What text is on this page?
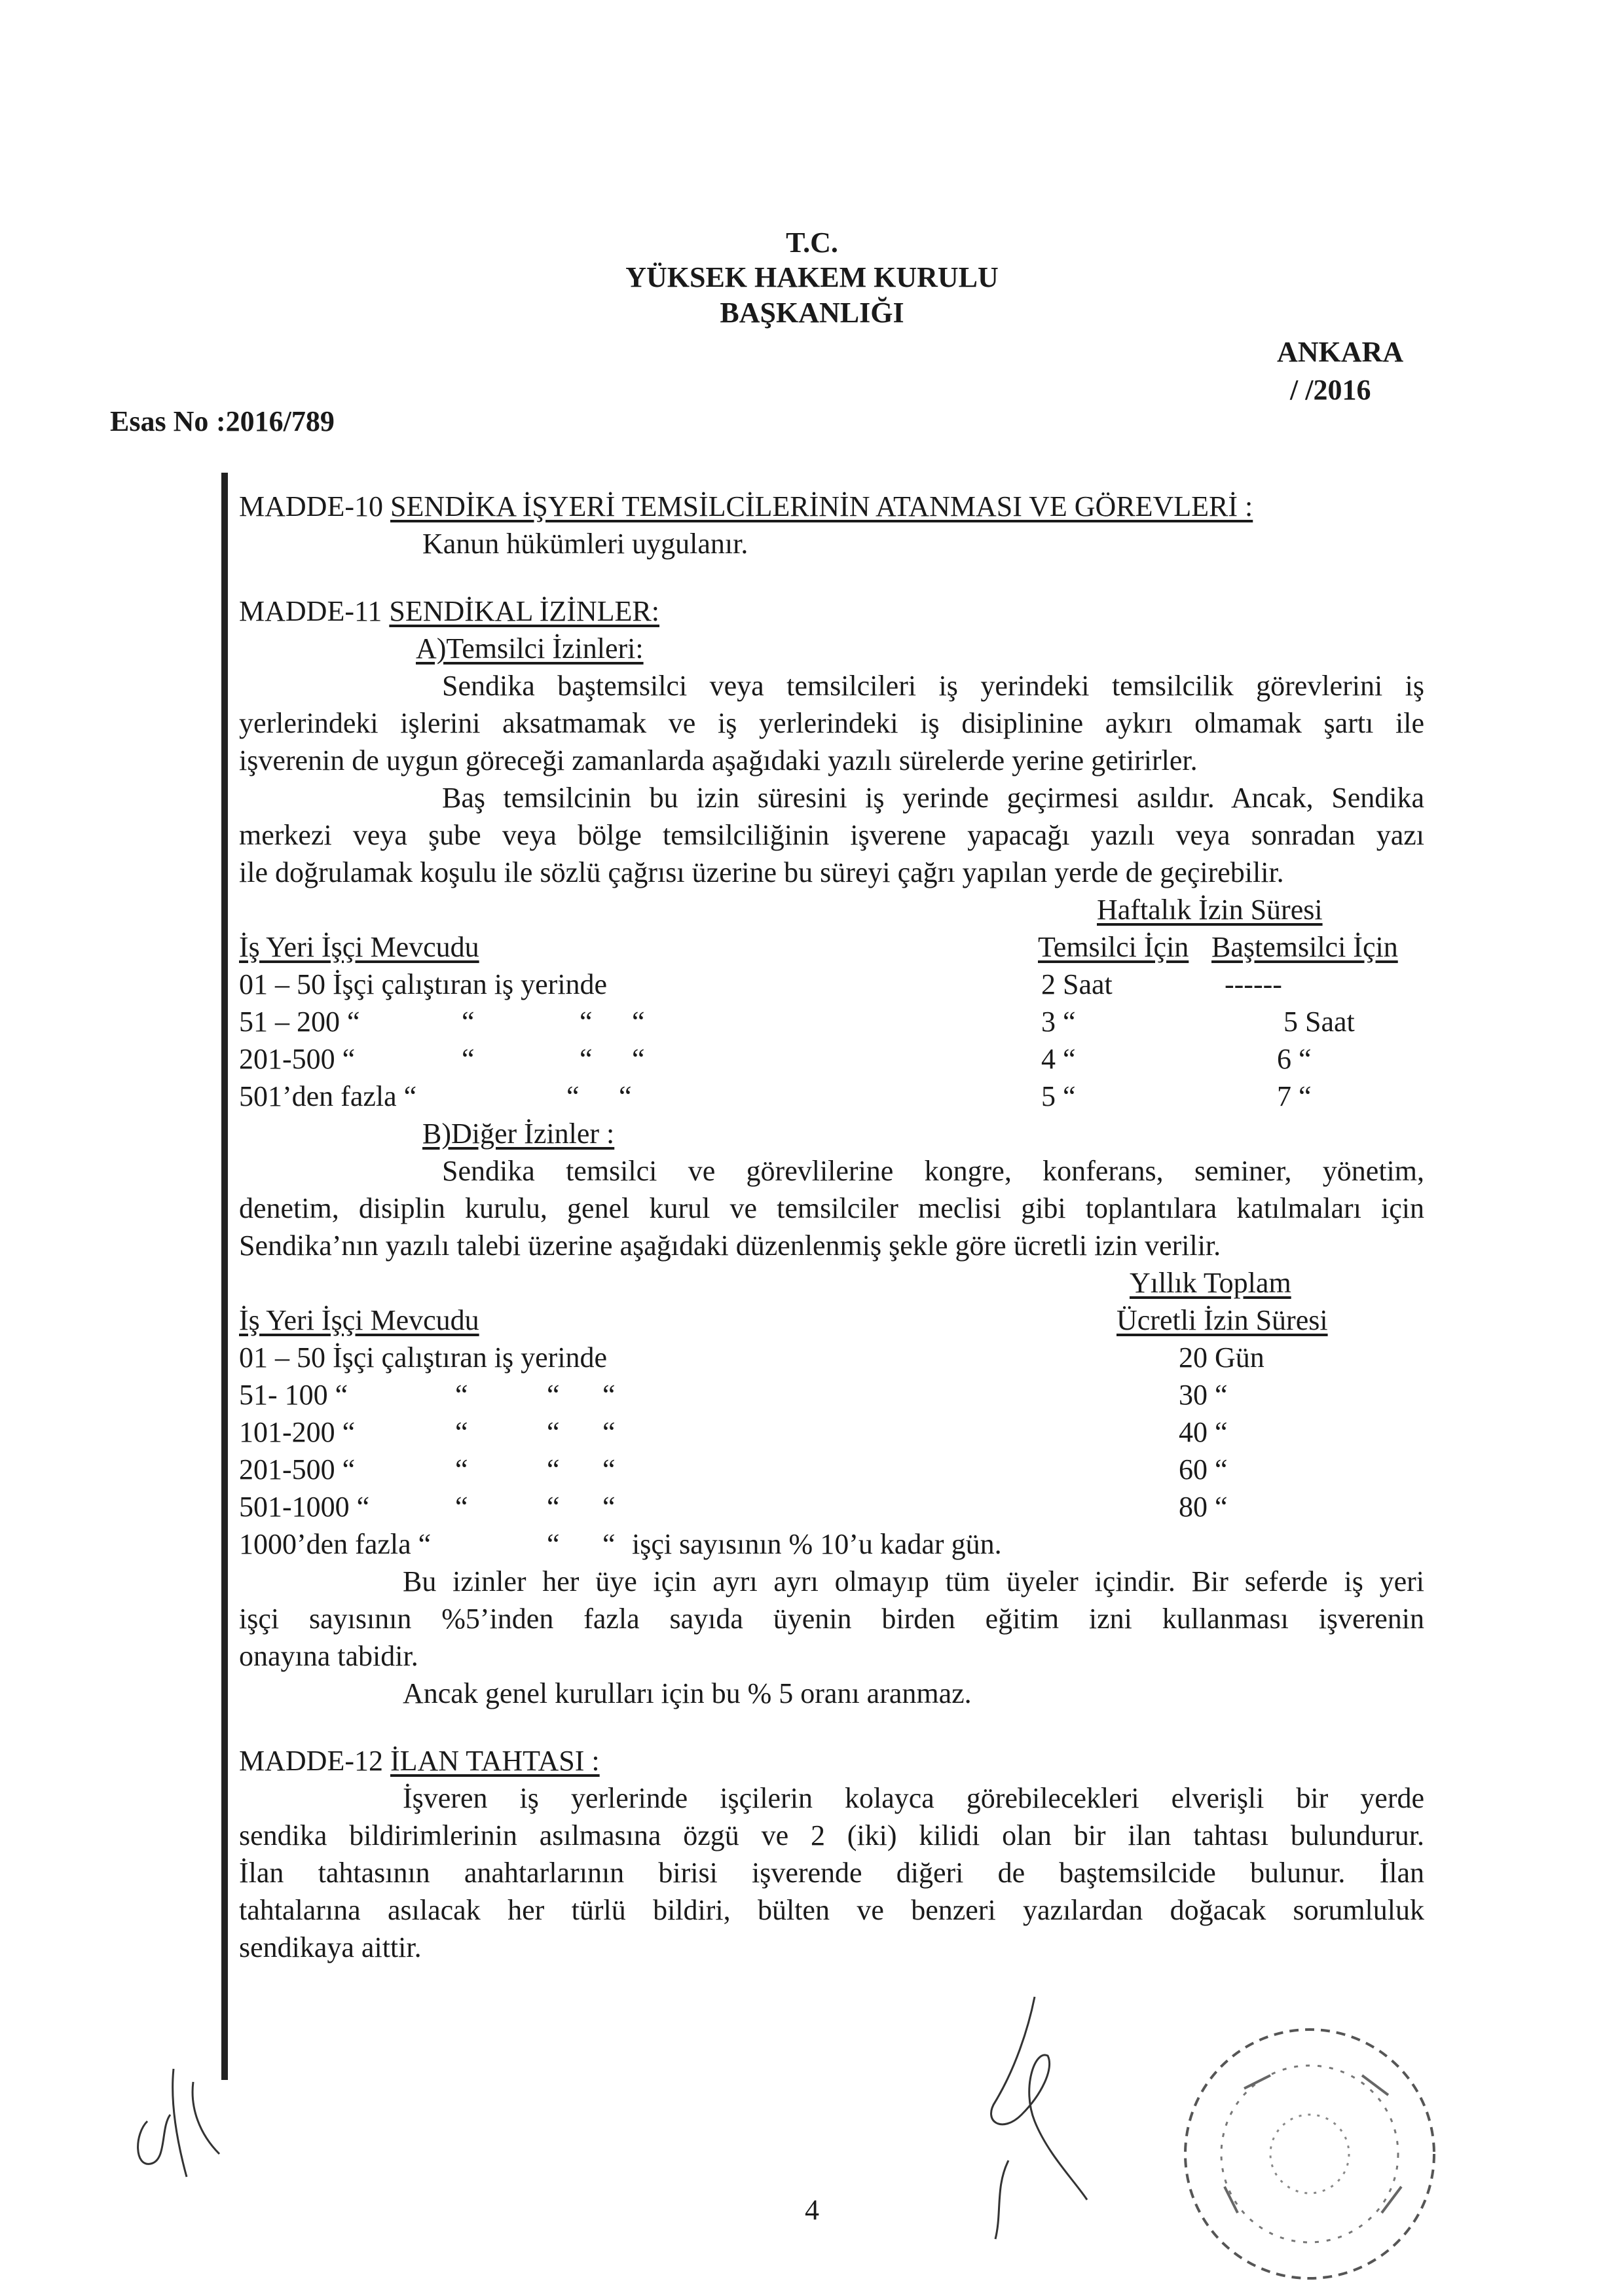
T.C.
YÜKSEK HAKEM KURULU
BAŞKANLIĞI
ANKARA
/ /2016
Esas No :2016/789
MADDE-10 SENDİKA İŞYERİ TEMSİLCİLERİNİN ATANMASI VE GÖREVLERİ :
Kanun hükümleri uygulanır.
MADDE-11 SENDİKAL İZİNLER:
A)Temsilci İzinleri:
Sendika baştemsilci veya temsilcileri iş yerindeki temsilcilik görevlerini iş
yerlerindeki işlerini aksatmamak ve iş yerlerindeki iş disiplinine aykırı olmamak şartı ile
işverenin de uygun göreceği zamanlarda aşağıdaki yazılı sürelerde yerine getirirler.
Baş temsilcinin bu izin süresini iş yerinde geçirmesi asıldır. Ancak, Sendika
merkezi veya şube veya bölge temsilciliğinin işverene yapacağı yazılı veya sonradan yazı
ile doğrulamak koşulu ile sözlü çağrısı üzerine bu süreyi çağrı yapılan yerde de geçirebilir.
Haftalık İzin Süresi
İş Yeri İşçi Mevcudu	Temsilci İçin Baştemsilci İçin
01 – 50 İşçi çalıştıran iş yerinde	2 Saat	------
51 – 200 “	“	“ “	3 “	5 Saat
201-500 “	“	“ “	4 “	6 “
501’den fazla “	“ “	5 “	7 “
B)Diğer İzinler :
Sendika temsilci ve görevlilerine kongre, konferans, seminer, yönetim,
denetim, disiplin kurulu, genel kurul ve temsilciler meclisi gibi toplantılara katılmaları için
Sendika’nın yazılı talebi üzerine aşağıdaki düzenlenmiş şekle göre ücretli izin verilir.
Yıllık Toplam
İş Yeri İşçi Mevcudu	Ücretli İzin Süresi
01 – 50 İşçi çalıştıran iş yerinde	20 Gün
51- 100 “	“	“ “	30 “
101-200 “	“	“ “	40 “
201-500 “	“	“ “	60 “
501-1000 “	“	“ “	80 “
1000’den fazla “	“ “ işçi sayısının % 10’u kadar gün.
Bu izinler her üye için ayrı ayrı olmayıp tüm üyeler içindir. Bir seferde iş yeri
işçi sayısının %5’inden fazla sayıda üyenin birden eğitim izni kullanması işverenin
onayına tabidir.
Ancak genel kurulları için bu % 5 oranı aranmaz.
MADDE-12 İLAN TAHTASI :
İşveren iş yerlerinde işçilerin kolayca görebilecekleri elverişli bir yerde
sendika bildirimlerinin asılmasına özgü ve 2 (iki) kilidi olan bir ilan tahtası bulundurur.
İlan tahtasının anahtarlarının birisi işverende diğeri de baştemsilcide bulunur. İlan
tahtalarına asılacak her türlü bildiri, bülten ve benzeri yazılardan doğacak sorumluluk
sendikaya aittir.
4
